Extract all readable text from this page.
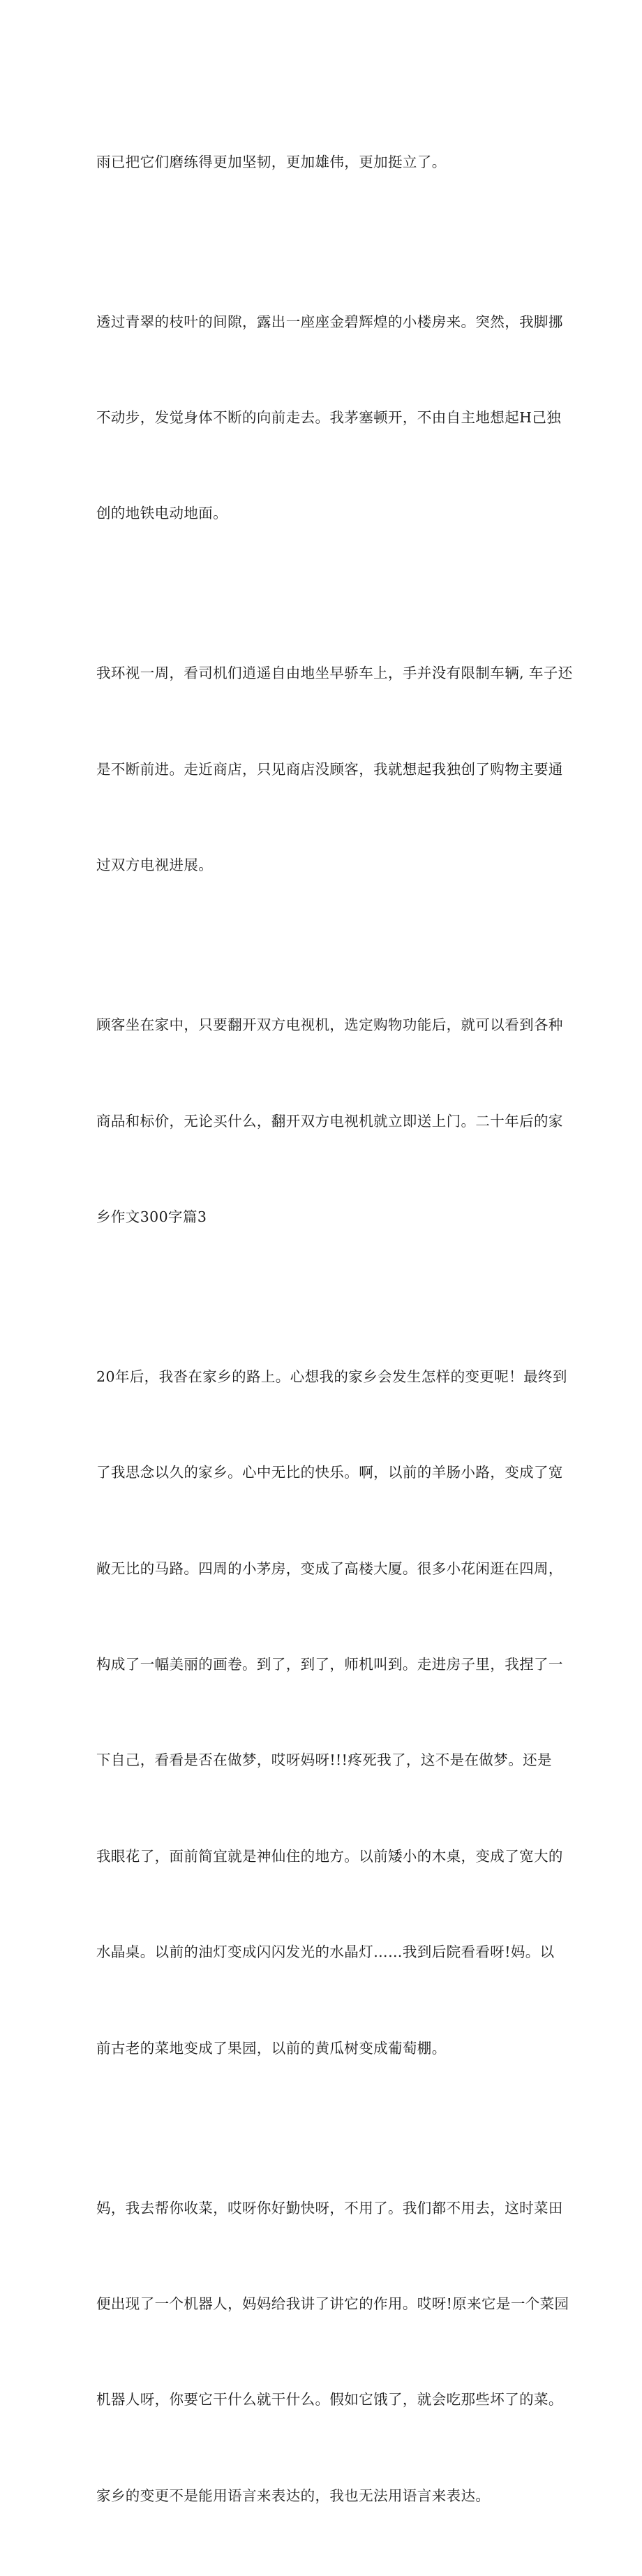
雨已把它们磨练得更加坚韧，更加雄伟，更加挺立了。

透过青翠的枝叶的间隙，露出一座座金碧辉煌的小楼房来。突然，我脚挪

不动步，发觉身体不断的向前走去。我茅塞顿开，不由自主地想起H己独

创的地铁电动地面。

我环视一周，看司机们逍遥自由地坐早骄车上，手并没有限制车辆, 车子还

是不断前进。走近商店，只见商店没顾客，我就想起我独创了购物主要通

过双方电视进展。

顾客坐在家中，只要翻开双方电视机，选定购物功能后，就可以看到各种

商品和标价，无论买什么，翻开双方电视机就立即送上门。二十年后的家

乡作文300字篇3

20年后，我沓在家乡的路上。心想我的家乡会发生怎样的变更呢！最终到

了我思念以久的家乡。心中无比的快乐。啊，以前的羊肠小路，变成了宽

敞无比的马路。四周的小茅房，变成了高楼大厦。很多小花闲逛在四周，

构成了一幅美丽的画卷。到了，到了，师机叫到。走进房子里，我捏了一

下自己，看看是否在做梦，哎呀妈呀!!!疼死我了，这不是在做梦。还是

我眼花了，面前简宜就是神仙住的地方。以前矮小的木桌，变成了宽大的

水晶桌。以前的油灯变成闪闪发光的水晶灯……我到后院看看呀!妈。以

前古老的菜地变成了果园，以前的黄瓜树变成葡萄棚。

妈，我去帮你收菜，哎呀你好勤快呀，不用了。我们都不用去，这时菜田

便出现了一个机器人，妈妈给我讲了讲它的作用。哎呀!原来它是一个菜园

机器人呀，你要它干什么就干什么。假如它饿了，就会吃那些坏了的菜。

家乡的变更不是能用语言来表达的，我也无法用语言来表达。
